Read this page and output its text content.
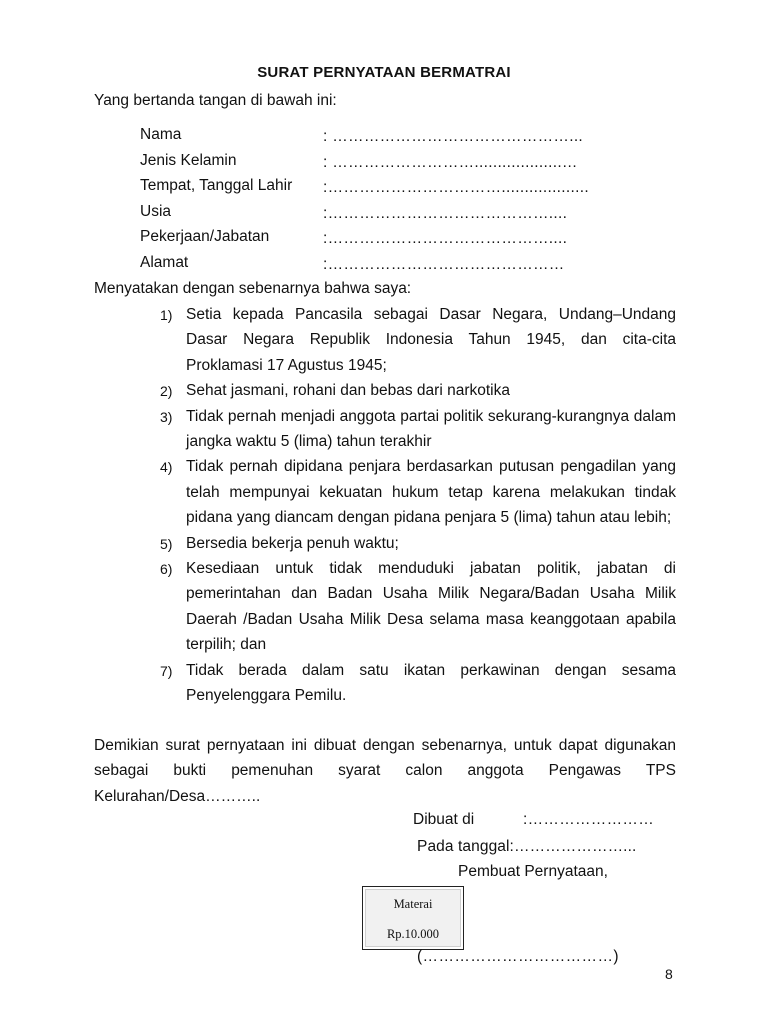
SURAT PERNYATAAN BERMATRAI
Yang bertanda tangan di bawah ini:
Nama	: ………………………………………...
Jenis Kelamin	: ………………………...................…
Tempat, Tanggal Lahir :……………………………...................
Usia	:……………………………………....
Pekerjaan/Jabatan	:……………………………………....
Alamat	:………………………………………
Menyatakan dengan sebenarnya bahwa saya:
1) Setia kepada Pancasila sebagai Dasar Negara, Undang–Undang Dasar Negara Republik Indonesia Tahun 1945, dan cita-cita Proklamasi 17 Agustus 1945;
2) Sehat jasmani, rohani dan bebas dari narkotika
3) Tidak pernah menjadi anggota partai politik sekurang-kurangnya dalam jangka waktu 5 (lima) tahun terakhir
4) Tidak pernah dipidana penjara berdasarkan putusan pengadilan yang telah mempunyai kekuatan hukum tetap karena melakukan tindak pidana yang diancam dengan pidana penjara 5 (lima) tahun atau lebih;
5) Bersedia bekerja penuh waktu;
6) Kesediaan untuk tidak menduduki jabatan politik, jabatan di pemerintahan dan Badan Usaha Milik Negara/Badan Usaha Milik Daerah /Badan Usaha Milik Desa selama masa keanggotaan apabila terpilih; dan
7) Tidak berada dalam satu ikatan perkawinan dengan sesama Penyelenggara Pemilu.
Demikian surat pernyataan ini dibuat dengan sebenarnya, untuk dapat digunakan sebagai bukti pemenuhan syarat calon anggota Pengawas TPS Kelurahan/Desa………..
Dibuat di	:……………………
Pada tanggal:…………………...
Pembuat Pernyataan,
Materai
Rp.10.000
(………………………………)
8
